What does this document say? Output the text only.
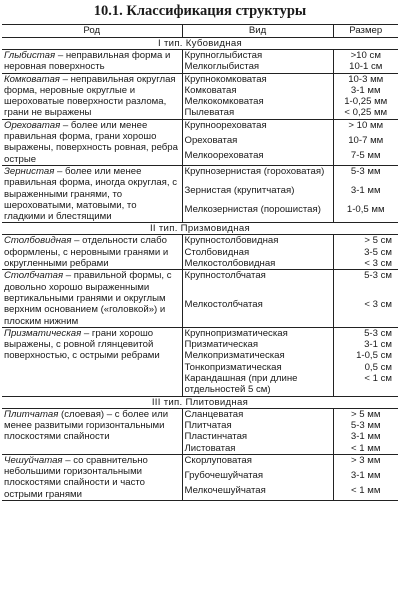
10.1. Классификация структуры
Род	Вид	Размер
I тип. Кубовидная		
Глыбистая – неправильная форма и неровная поверхность	Крупноглыбистая	>10 см
	Мелкоглыбистая	10-1 см
Комковатая – неправильная округлая форма, неровные округлые и шероховатые поверхности разлома, грани не выражены	Крупнокомковатая	10-3 мм
	Комковатая	3-1 мм
	Мелкокомковатая	1-0,25 мм
	Пылеватая	< 0,25 мм
Ореховатая – более или менее правильная форма, грани хорошо выражены, поверхность ровная, ребра острые	Крупноореховатая	> 10 мм
	Ореховатая	10-7 мм
	Мелкоореховатая	7-5 мм
Зернистая – более или менее правильная форма, иногда округлая, с выраженными гранями, то шероховатыми, матовыми, то гладкими и блестящими	Крупнозернистая (гороховатая)	5-3 мм
	Зернистая (крупитчатая)	3-1 мм
	Мелкозернистая (порошистая)	1-0,5 мм
II тип. Призмовидная		
Столбовидная – отдельности слабо оформлены, с неровными гранями и округленными ребрами	Крупностолбовидная	> 5 см
	Столбовидная	3-5 см
	Мелкостолбовидная	< 3 см
Столбчатая – правильной формы, с довольно хорошо выраженными вертикальными гранями и округлым верхним основанием («головкой») и плоским нижним	Крупностолбчатая	5-3 см
	Мелкостолбчатая	< 3 см
Призматическая – грани хорошо выражены, с ровной глянцевитой поверхностью, с острыми ребрами	Крупнопризматическая	5-3 см
	Призматическая	3-1 см
	Мелкопризматическая	1-0,5 см
	Тонкопризматическая	0,5 см
	Карандашная (при длине отдельностей 5 см)	< 1 см
III тип. Плитовидная		
Плитчатая (слоевая) – с более или менее развитыми горизонтальными плоскостями спайности	Сланцеватая	> 5 мм
	Плитчатая	5-3 мм
	Пластинчатая	3-1 мм
	Листоватая	< 1 мм
Чешуйчатая – со сравнительно небольшими горизонтальными плоскостями спайности и часто острыми гранями	Скорлуповатая	> 3 мм
	Грубочешуйчатая	3-1 мм
	Мелкочешуйчатая	< 1 мм
